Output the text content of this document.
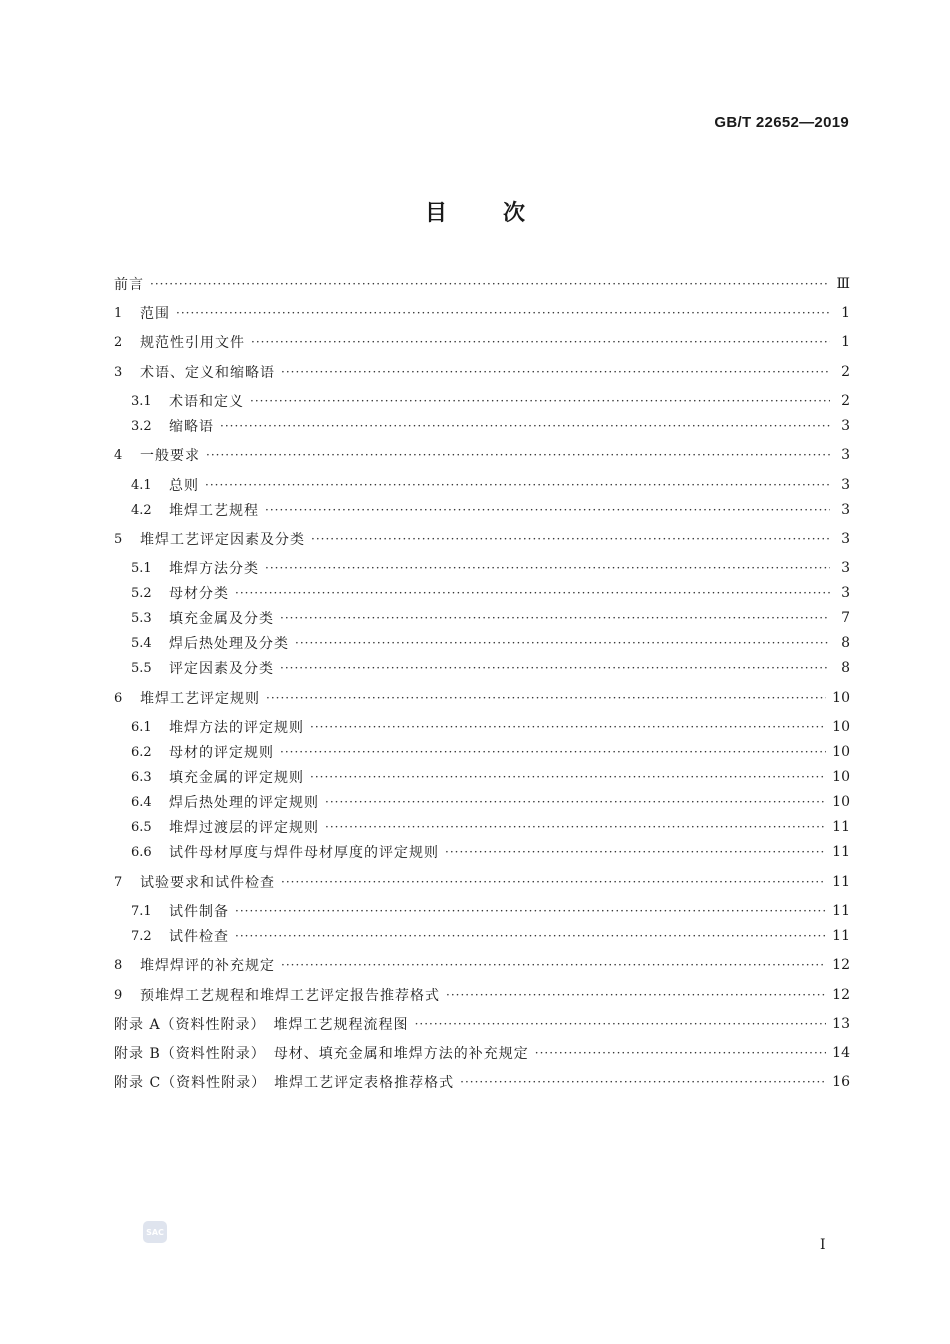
GB/T 22652—2019
目次
前言 ·····	Ⅲ
1	范围 ·····	1
2	规范性引用文件 ·····	1
3	术语、定义和缩略语 ·····	2
3.1	术语和定义 ·····	2
3.2	缩略语 ·····	3
4	一般要求 ·····	3
4.1	总则 ·····	3
4.2	堆焊工艺规程 ·····	3
5	堆焊工艺评定因素及分类 ·····	3
5.1	堆焊方法分类 ·····	3
5.2	母材分类 ·····	3
5.3	填充金属及分类 ·····	7
5.4	焊后热处理及分类 ·····	8
5.5	评定因素及分类 ·····	8
6	堆焊工艺评定规则 ·····	10
6.1	堆焊方法的评定规则 ·····	10
6.2	母材的评定规则 ·····	10
6.3	填充金属的评定规则 ·····	10
6.4	焊后热处理的评定规则 ·····	10
6.5	堆焊过渡层的评定规则 ·····	11
6.6	试件母材厚度与焊件母材厚度的评定规则 ·····	11
7	试验要求和试件检查 ·····	11
7.1	试件制备 ·····	11
7.2	试件检查 ·····	11
8	堆焊焊评的补充规定 ·····	12
9	预堆焊工艺规程和堆焊工艺评定报告推荐格式 ·····	12
附录 A（资料性附录）　堆焊工艺规程流程图 ·····	13
附录 B（资料性附录）　母材、填充金属和堆焊方法的补充规定 ·····	14
附录 C（资料性附录）　堆焊工艺评定表格推荐格式 ·····	16
SAC
I
